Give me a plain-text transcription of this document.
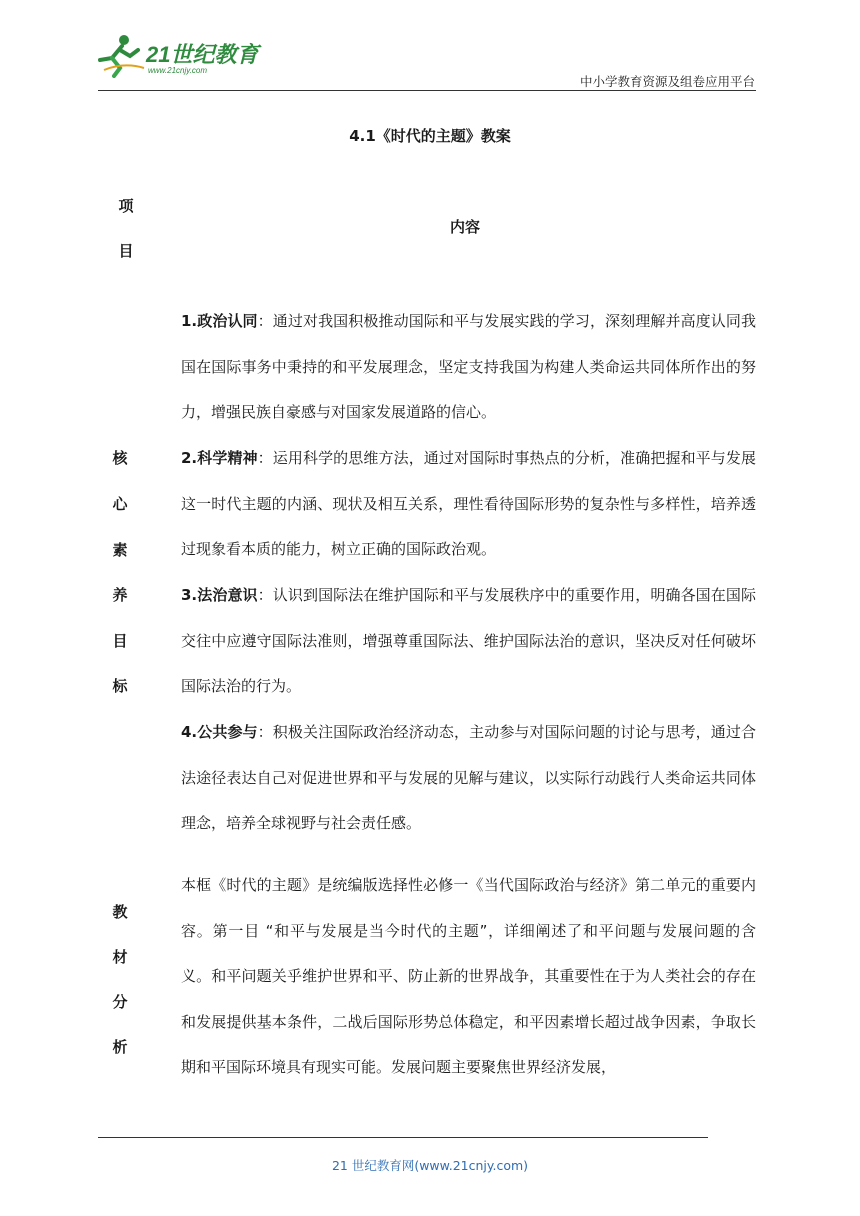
21世纪教育
www.21cnjy.com
中小学教育资源及组卷应用平台
4.1《时代的主题》教案
项
目
内容
核
心
素
养
目
标
1.政治认同：通过对我国积极推动国际和平与发展实践的学习，深刻理解并高度认同我国在国际事务中秉持的和平发展理念，坚定支持我国为构建人类命运共同体所作出的努力，增强民族自豪感与对国家发展道路的信心。
2.科学精神：运用科学的思维方法，通过对国际时事热点的分析，准确把握和平与发展这一时代主题的内涵、现状及相互关系，理性看待国际形势的复杂性与多样性，培养透过现象看本质的能力，树立正确的国际政治观。
3.法治意识：认识到国际法在维护国际和平与发展秩序中的重要作用，明确各国在国际交往中应遵守国际法准则，增强尊重国际法、维护国际法治的意识，坚决反对任何破坏国际法治的行为。
4.公共参与：积极关注国际政治经济动态，主动参与对国际问题的讨论与思考，通过合法途径表达自己对促进世界和平与发展的见解与建议，以实际行动践行人类命运共同体理念，培养全球视野与社会责任感。
教
材
分
析
本框《时代的主题》是统编版选择性必修一《当代国际政治与经济》第二单元的重要内容。第一目 “和平与发展是当今时代的主题”，详细阐述了和平问题与发展问题的含义。和平问题关乎维护世界和平、防止新的世界战争，其重要性在于为人类社会的存在和发展提供基本条件，二战后国际形势总体稳定，和平因素增长超过战争因素，争取长期和平国际环境具有现实可能。发展问题主要聚焦世界经济发展，
21 世纪教育网(www.21cnjy.com)
